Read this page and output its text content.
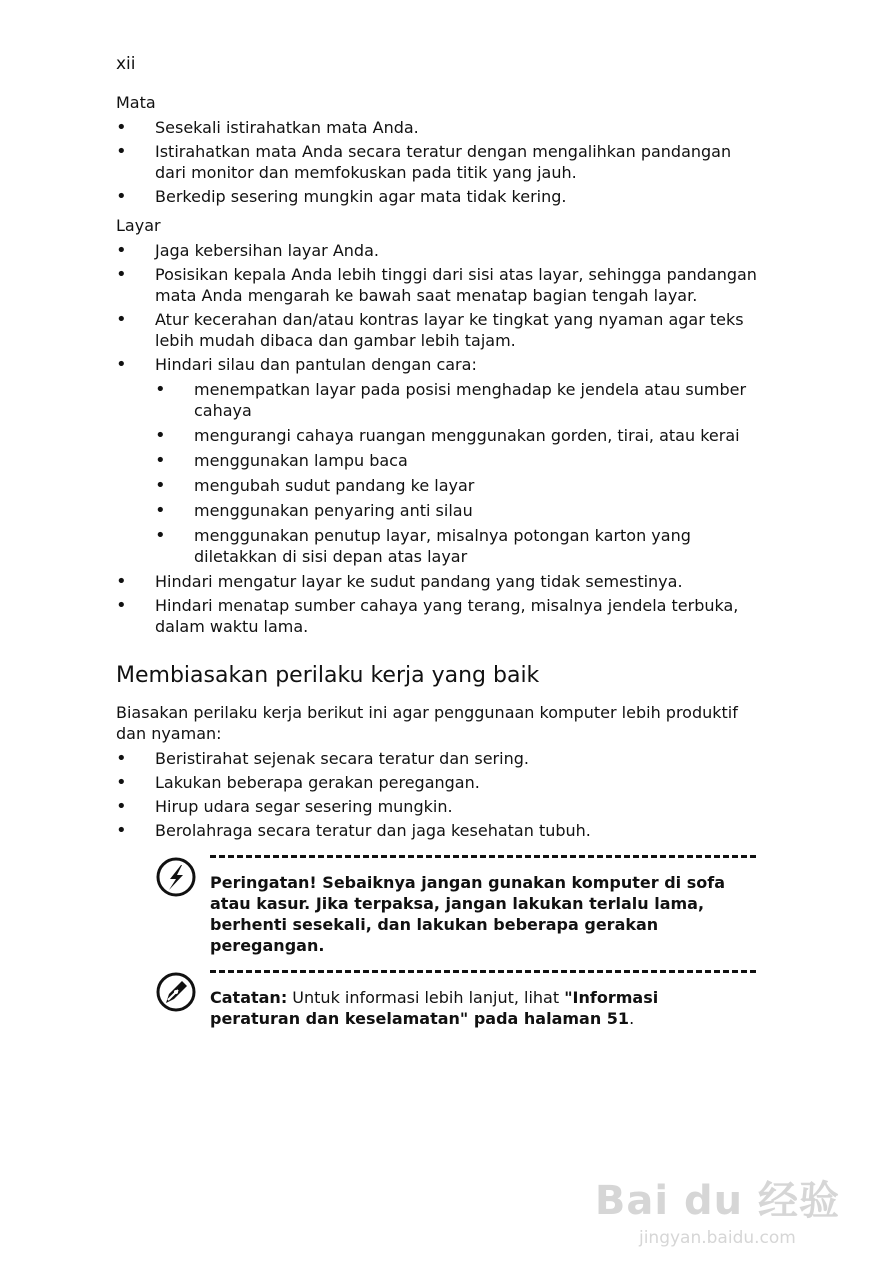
xii
Mata
• Sesekali istirahatkan mata Anda.
• Istirahatkan mata Anda secara teratur dengan mengalihkan pandangan dari monitor dan memfokuskan pada titik yang jauh.
• Berkedip sesering mungkin agar mata tidak kering.
Layar
• Jaga kebersihan layar Anda.
• Posisikan kepala Anda lebih tinggi dari sisi atas layar, sehingga pandangan mata Anda mengarah ke bawah saat menatap bagian tengah layar.
• Atur kecerahan dan/atau kontras layar ke tingkat yang nyaman agar teks lebih mudah dibaca dan gambar lebih tajam.
• Hindari silau dan pantulan dengan cara:
• menempatkan layar pada posisi menghadap ke jendela atau sumber cahaya
• mengurangi cahaya ruangan menggunakan gorden, tirai, atau kerai
• menggunakan lampu baca
• mengubah sudut pandang ke layar
• menggunakan penyaring anti silau
• menggunakan penutup layar, misalnya potongan karton yang diletakkan di sisi depan atas layar
• Hindari mengatur layar ke sudut pandang yang tidak semestinya.
• Hindari menatap sumber cahaya yang terang, misalnya jendela terbuka, dalam waktu lama.
Membiasakan perilaku kerja yang baik

Biasakan perilaku kerja berikut ini agar penggunaan komputer lebih produktif dan nyaman:

• Beristirahat sejenak secara teratur dan sering.
• Lakukan beberapa gerakan peregangan.
• Hirup udara segar sesering mungkin.
• Berolahraga secara teratur dan jaga kesehatan tubuh.
Peringatan! Sebaiknya jangan gunakan komputer di sofa atau kasur. Jika terpaksa, jangan lakukan terlalu lama, berhenti sesekali, dan lakukan beberapa gerakan peregangan.
Catatan: Untuk informasi lebih lanjut, lihat "Informasi peraturan dan keselamatan" pada halaman 51.
Bai du 经验
jingyan.baidu.com
